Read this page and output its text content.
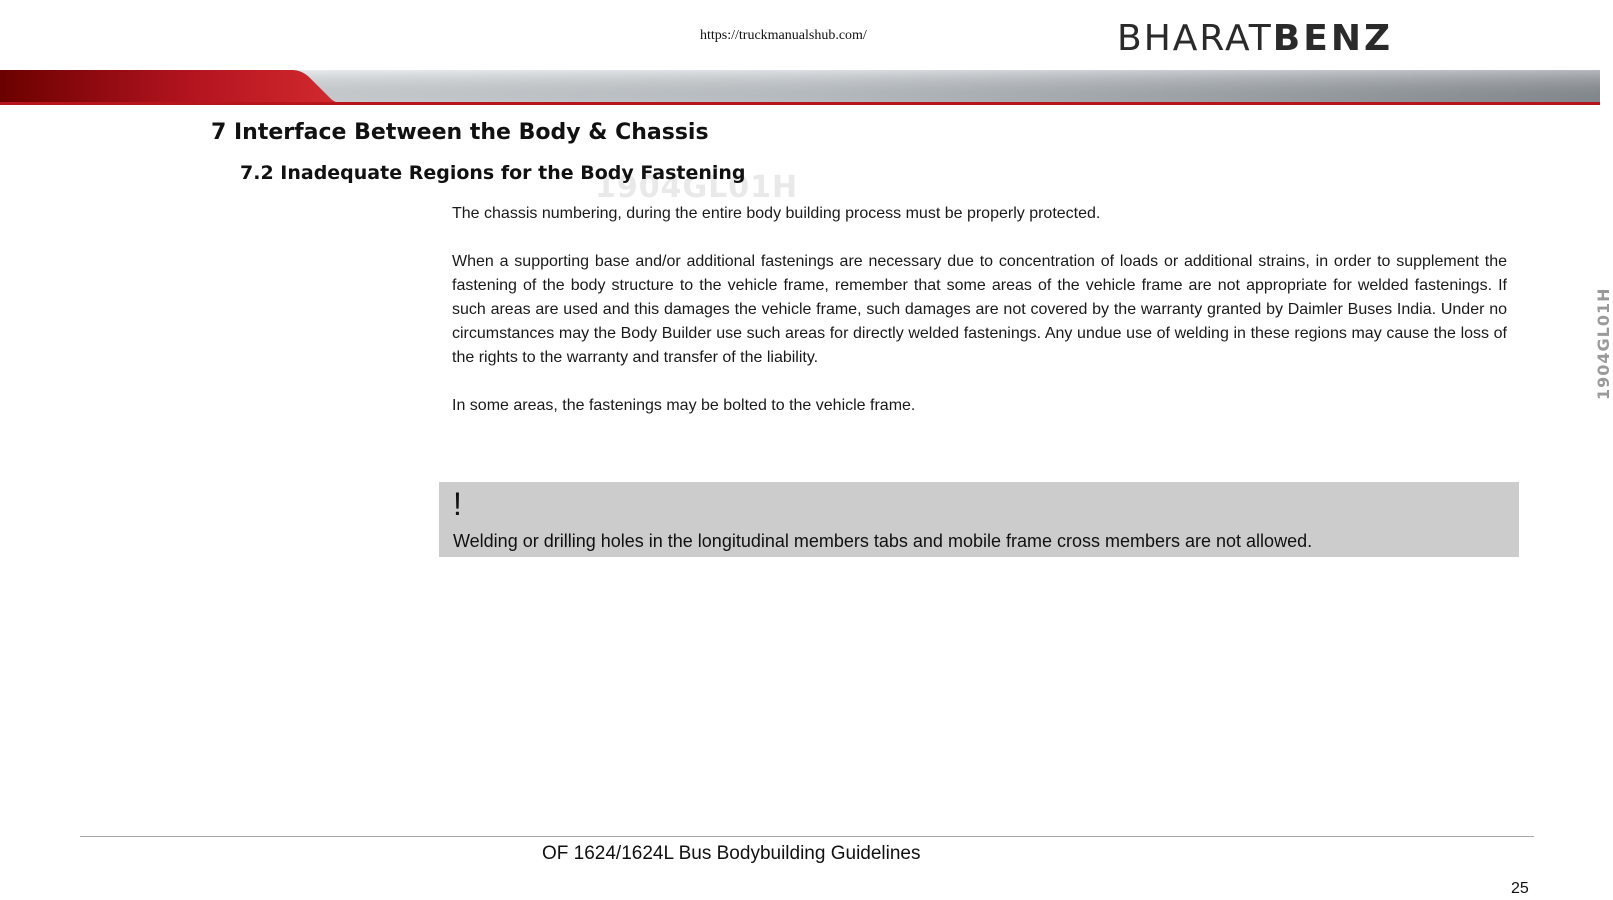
https://truckmanualshub.com/	BHARATBENZ
1904GL01H
1904GL01H
7 Interface Between the Body & Chassis
7.2 Inadequate Regions for the Body Fastening
The chassis numbering, during the entire body building process must be properly protected.
When a supporting base and/or additional fastenings are necessary due to concentration of loads or additional strains, in order to supplement the fastening of the body structure to the vehicle frame, remember that some areas of the vehicle frame are not appropriate for welded fastenings. If such areas are used and this damages the vehicle frame, such damages are not covered by the warranty granted by Daimler Buses India. Under no circumstances may the Body Builder use such areas for directly welded fastenings. Any undue use of welding in these regions may cause the loss of the rights to the warranty and transfer of the liability.
In some areas, the fastenings may be bolted to the vehicle frame.
!
Welding or drilling holes in the longitudinal members tabs and mobile frame cross members are not allowed.
OF 1624/1624L Bus Bodybuilding Guidelines
25
